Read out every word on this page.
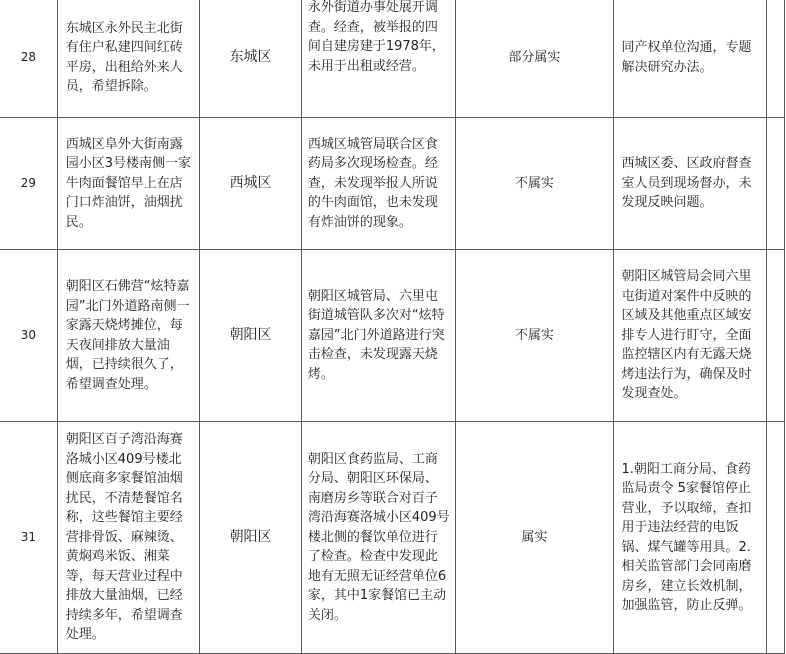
28	东城区永外民主北街有住户私建四间红砖平房，出租给外来人员，希望拆除。	东城区	永外街道办事处展开调查。经查，被举报的四间自建房建于1978年，未用于出租或经营。	部分属实	同产权单位沟通，专题解决研究办法。	
29	西城区阜外大街南露园小区3号楼南侧一家牛肉面餐馆早上在店门口炸油饼，油烟扰民。	西城区	西城区城管局联合区食药局多次现场检查。经查，未发现举报人所说的牛肉面馆，也未发现有炸油饼的现象。	不属实	西城区委、区政府督查室人员到现场督办，未发现反映问题。	
30	朝阳区石佛营“炫特嘉园”北门外道路南侧一家露天烧烤摊位，每天夜间排放大量油烟，已持续很久了，希望调查处理。	朝阳区	朝阳区城管局、六里屯街道城管队多次对“炫特嘉园”北门外道路进行突击检查，未发现露天烧烤。	不属实	朝阳区城管局会同六里屯街道对案件中反映的区域及其他重点区域安排专人进行盯守，全面监控辖区内有无露天烧烤违法行为，确保及时发现查处。	
31	朝阳区百子湾沿海赛洛城小区409号楼北侧底商多家餐馆油烟扰民，不清楚餐馆名称，这些餐馆主要经营排骨饭、麻辣烫、黄焖鸡米饭、湘菜等，每天营业过程中排放大量油烟，已经持续多年，希望调查处理。	朝阳区	朝阳区食药监局、工商分局、朝阳区环保局、南磨房乡等联合对百子湾沿海赛洛城小区409号楼北侧的餐饮单位进行了检查。检查中发现此地有无照无证经营单位6家，其中1家餐馆已主动关闭。	属实	1.朝阳工商分局、食药监局责令 5家餐馆停止营业，予以取缔，查扣用于违法经营的电饭锅、煤气罐等用具。2.相关监管部门会同南磨房乡，建立长效机制，加强监管，防止反弹。	
